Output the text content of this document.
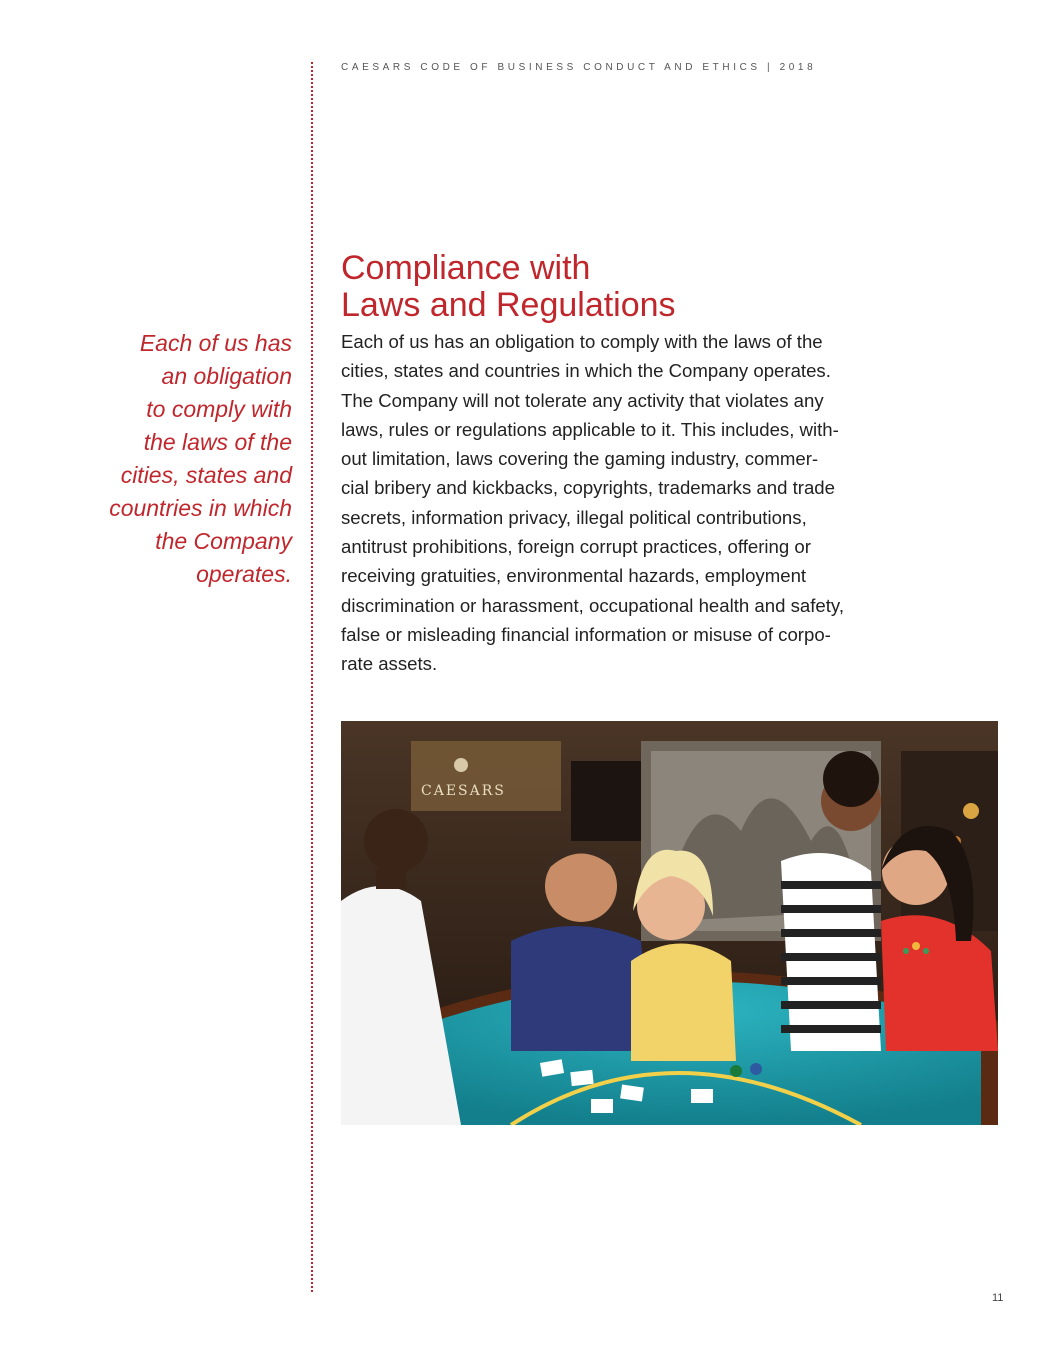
CAESARS CODE OF BUSINESS CONDUCT AND ETHICS | 2018
Compliance with
Laws and Regulations
Each of us has
an obligation
to comply with
the laws of the
cities, states and
countries in which
the Company
operates.
Each of us has an obligation to comply with the laws of the
cities, states and countries in which the Company operates.
The Company will not tolerate any activity that violates any
laws, rules or regulations applicable to it. This includes, with-
out limitation, laws covering the gaming industry, commer-
cial bribery and kickbacks, copyrights, trademarks and trade
secrets, information privacy, illegal political contributions,
antitrust prohibitions, foreign corrupt practices, offering or
receiving gratuities, environmental hazards, employment
discrimination or harassment, occupational health and safety,
false or misleading financial information or misuse of corpo-
rate assets.
CAESARS
11
